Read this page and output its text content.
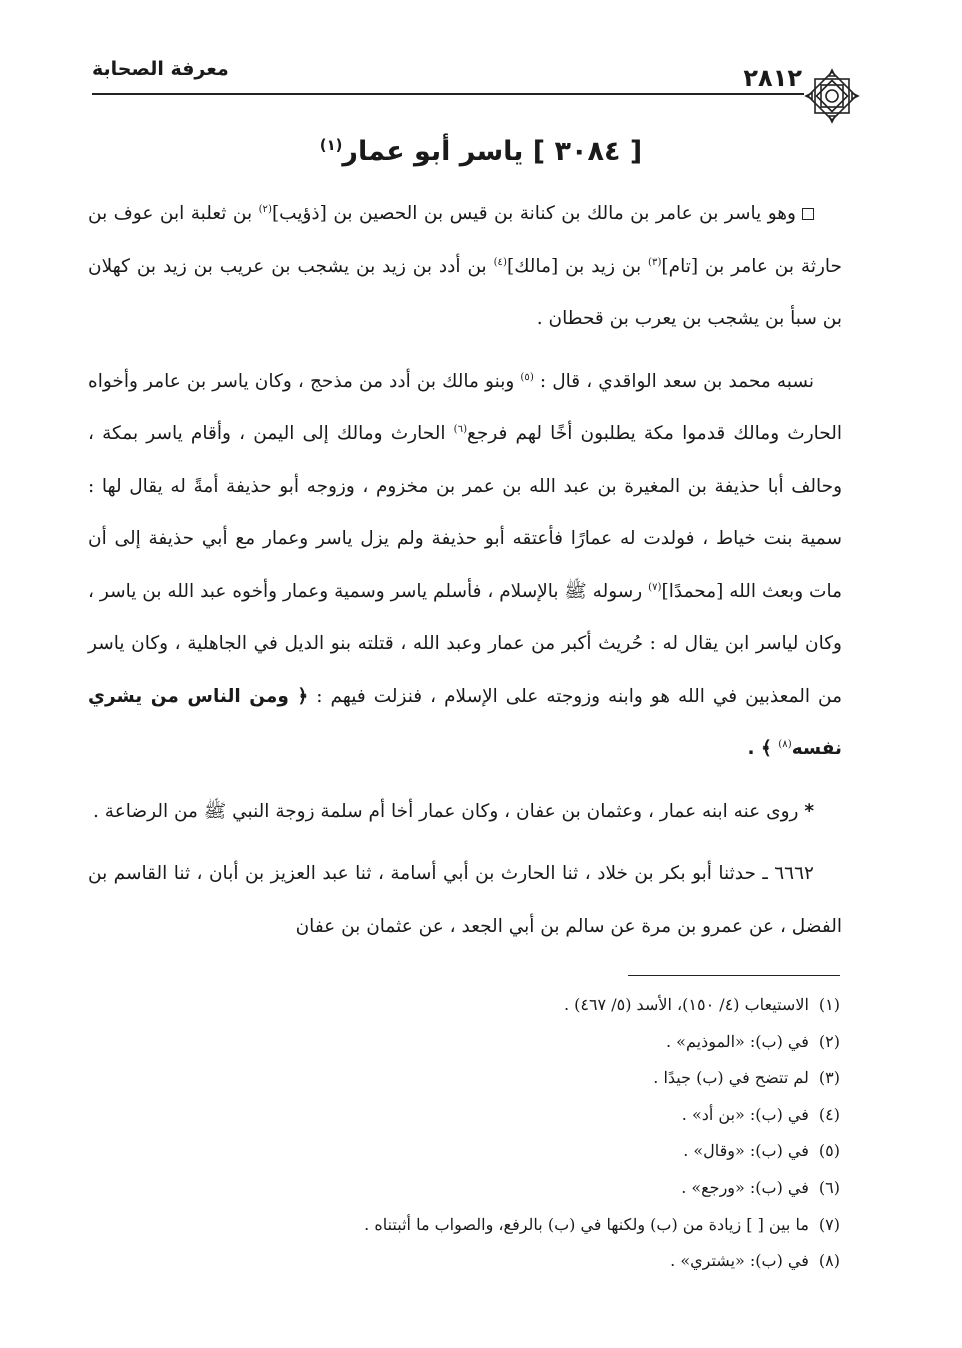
معرفة الصحابة	٢٨١٢
[ ٣٠٨٤ ] ياسر أبو عمار$^{(١)}$

وهو ياسر بن عامر بن مالك بن كنانة بن قيس بن الحصين بن [ذؤيب]$^{(٢)}$ بن ثعلبة ابن عوف بن حارثة بن عامر بن [تام]$^{(٣)}$ بن زيد بن [مالك]$^{(٤)}$ بن أدد بن زيد بن يشجب بن عريب بن زيد بن كهلان بن سبأ بن يشجب بن يعرب بن قحطان .

نسبه محمد بن سعد الواقدي ، قال : $^{(٥)}$ وبنو مالك بن أدد من مذحج ، وكان ياسر بن عامر وأخواه الحارث ومالك قدموا مكة يطلبون أخًا لهم فرجع$^{(٦)}$ الحارث ومالك إلى اليمن ، وأقام ياسر بمكة ، وحالف أبا حذيفة بن المغيرة بن عبد الله بن عمر بن مخزوم ، وزوجه أبو حذيفة أمةً له يقال لها : سمية بنت خياط ، فولدت له عمارًا فأعتقه أبو حذيفة ولم يزل ياسر وعمار مع أبي حذيفة إلى أن مات وبعث الله [محمدًا]$^{(٧)}$ رسوله ﷺ بالإسلام ، فأسلم ياسر وسمية وعمار وأخوه عبد الله بن ياسر ، وكان لياسر ابن يقال له : حُريث أكبر من عمار وعبد الله ، قتلته بنو الديل في الجاهلية ، وكان ياسر من المعذبين في الله هو وابنه وزوجته على الإسلام ، فنزلت فيهم : ﴿ ومن الناس من يشري نفسه$^{(٨)}$ ﴾ .

* روى عنه ابنه عمار ، وعثمان بن عفان ، وكان عمار أخا أم سلمة زوجة النبي ﷺ من الرضاعة .

٦٦٦٢ ـ حدثنا أبو بكر بن خلاد ، ثنا الحارث بن أبي أسامة ، ثنا عبد العزيز بن أبان ، ثنا القاسم بن الفضل ، عن عمرو بن مرة عن سالم بن أبي الجعد ، عن عثمان بن عفان

(١)الاستيعاب (٤/ ١٥٠)، الأسد (٥/ ٤٦٧) .
(٢)في (ب): «الموذيم» .
(٣)لم تتضح في (ب) جيدًا .
(٤)في (ب): «بن أد» .
(٥)في (ب): «وقال» .
(٦)في (ب): «ورجع» .
(٧)ما بين [ ] زيادة من (ب) ولكنها في (ب) بالرفع، والصواب ما أثبتناه .
(٨)في (ب): «يشتري» .
